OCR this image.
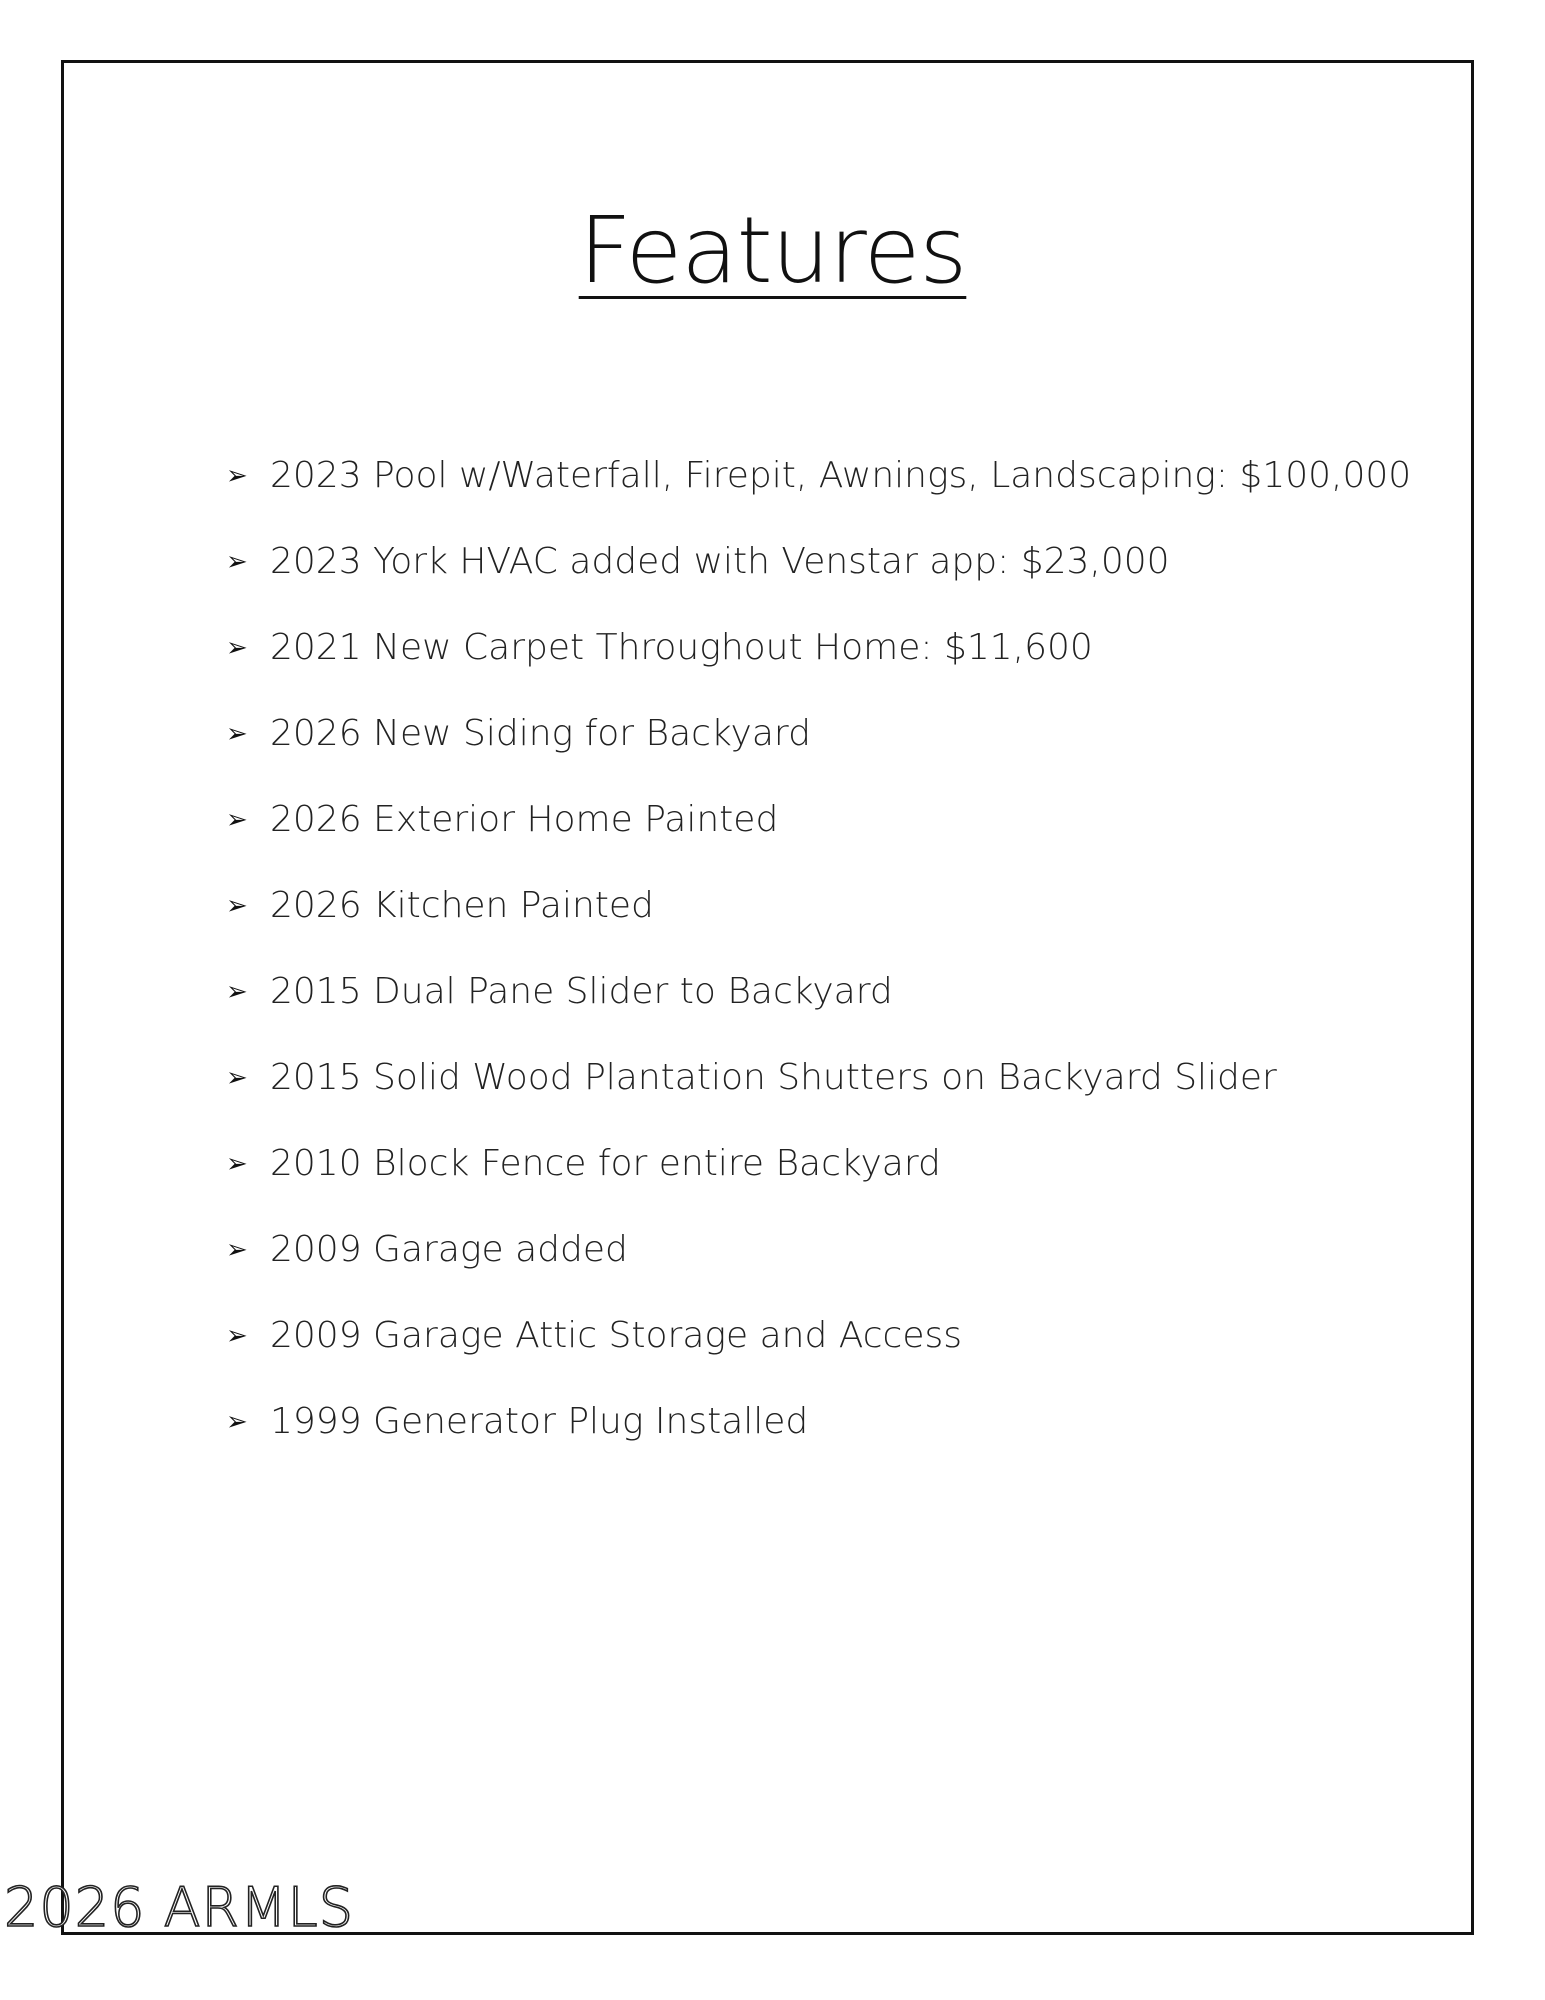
Features
➢ 2023 Pool w/Waterfall, Firepit, Awnings, Landscaping: $100,000
➢ 2023 York HVAC added with Venstar app: $23,000
➢ 2021 New Carpet Throughout Home: $11,600
➢ 2026 New Siding for Backyard
➢ 2026 Exterior Home Painted
➢ 2026 Kitchen Painted
➢ 2015 Dual Pane Slider to Backyard
➢ 2015 Solid Wood Plantation Shutters on Backyard Slider
➢ 2010 Block Fence for entire Backyard
➢ 2009 Garage added
➢ 2009 Garage Attic Storage and Access
➢ 1999 Generator Plug Installed
2026 ARMLS
